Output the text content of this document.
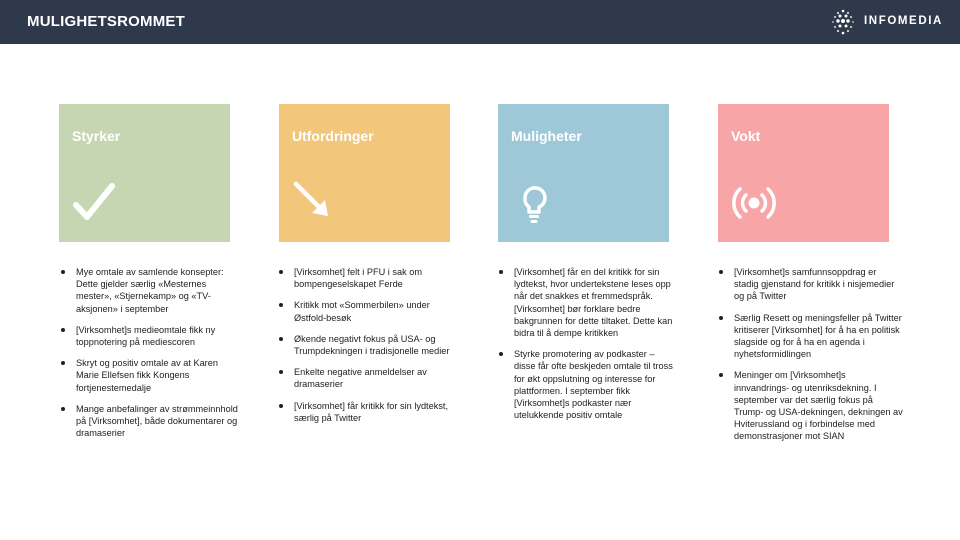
MULIGHETSROMMET	INFOMEDIA
Styrker
Mye omtale av samlende konsepter: Dette gjelder særlig «Mesternes mester», «Stjernekamp» og «TV-aksjonen» i september
[Virksomhet]s medieomtale fikk ny toppnotering på mediescoren
Skryt og positiv omtale av at Karen Marie Ellefsen fikk Kongens fortjenestemedalje
Mange anbefalinger av strømmeinnhold på [Virksomhet], både dokumentarer og dramaserier
Utfordringer
[Virksomhet] felt i PFU i sak om bompengeselskapet Ferde
Kritikk mot «Sommerbilen» under Østfold-besøk
Økende negativt fokus på USA- og Trumpdekningen i tradisjonelle medier
Enkelte negative anmeldelser av dramaserier
[Virksomhet] får kritikk for sin lydtekst, særlig på Twitter
Muligheter
[Virksomhet] får en del kritikk for sin lydtekst, hvor undertekstene leses opp når det snakkes et fremmedspråk. [Virksomhet] bør forklare bedre bakgrunnen for dette tiltaket. Dette kan bidra til å dempe kritikken
Styrke promotering av podkaster – disse får ofte beskjeden omtale til tross for økt oppslutning og interesse for plattformen. I september fikk [Virksomhet]s podkaster nær utelukkende positiv omtale
Vokt
[Virksomhet]s samfunnsoppdrag er stadig gjenstand for kritikk i nisjemedier og på Twitter
Særlig Resett og meningsfeller på Twitter kritiserer [Virksomhet] for å ha en politisk slagside og for å ha en agenda i nyhetsformidlingen
Meninger om [Virksomhet]s innvandrings- og utenriksdekning. I september var det særlig fokus på Trump- og USA-dekningen, dekningen av Hviterussland og i forbindelse med demonstrasjoner mot SIAN
